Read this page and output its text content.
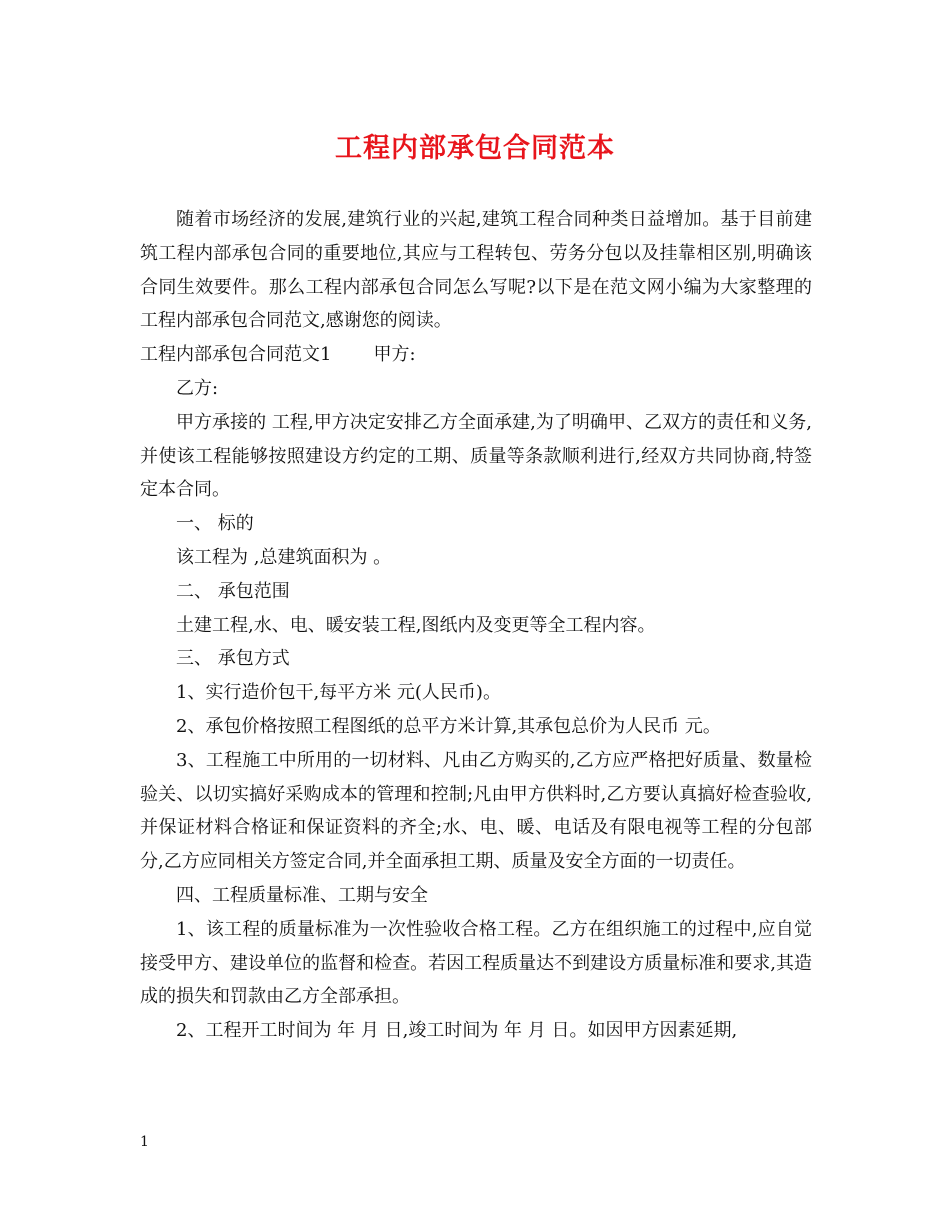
工程内部承包合同范本

随着市场经济的发展,建筑行业的兴起,建筑工程合同种类日益增加。基于目前建筑工程内部承包合同的重要地位,其应与工程转包、劳务分包以及挂靠相区别,明确该合同生效要件。那么工程内部承包合同怎么写呢?以下是在范文网小编为大家整理的工程内部承包合同范文,感谢您的阅读。

工程内部承包合同范文1 甲方:

乙方:

甲方承接的 工程,甲方决定安排乙方全面承建,为了明确甲、乙双方的责任和义务,并使该工程能够按照建设方约定的工期、质量等条款顺利进行,经双方共同协商,特签定本合同。

一、 标的

该工程为 ,总建筑面积为 。

二、 承包范围

土建工程,水、电、暖安装工程,图纸内及变更等全工程内容。

三、 承包方式

1、实行造价包干,每平方米 元(人民币)。

2、承包价格按照工程图纸的总平方米计算,其承包总价为人民币 元。

3、工程施工中所用的一切材料、凡由乙方购买的,乙方应严格把好质量、数量检验关、以切实搞好采购成本的管理和控制;凡由甲方供料时,乙方要认真搞好检查验收,并保证材料合格证和保证资料的齐全;水、电、暖、电话及有限电视等工程的分包部分,乙方应同相关方签定合同,并全面承担工期、质量及安全方面的一切责任。

四、工程质量标准、工期与安全

1、该工程的质量标准为一次性验收合格工程。乙方在组织施工的过程中,应自觉接受甲方、建设单位的监督和检查。若因工程质量达不到建设方质量标准和要求,其造成的损失和罚款由乙方全部承担。

2、工程开工时间为 年 月 日,竣工时间为 年 月 日。如因甲方因素延期,

1
